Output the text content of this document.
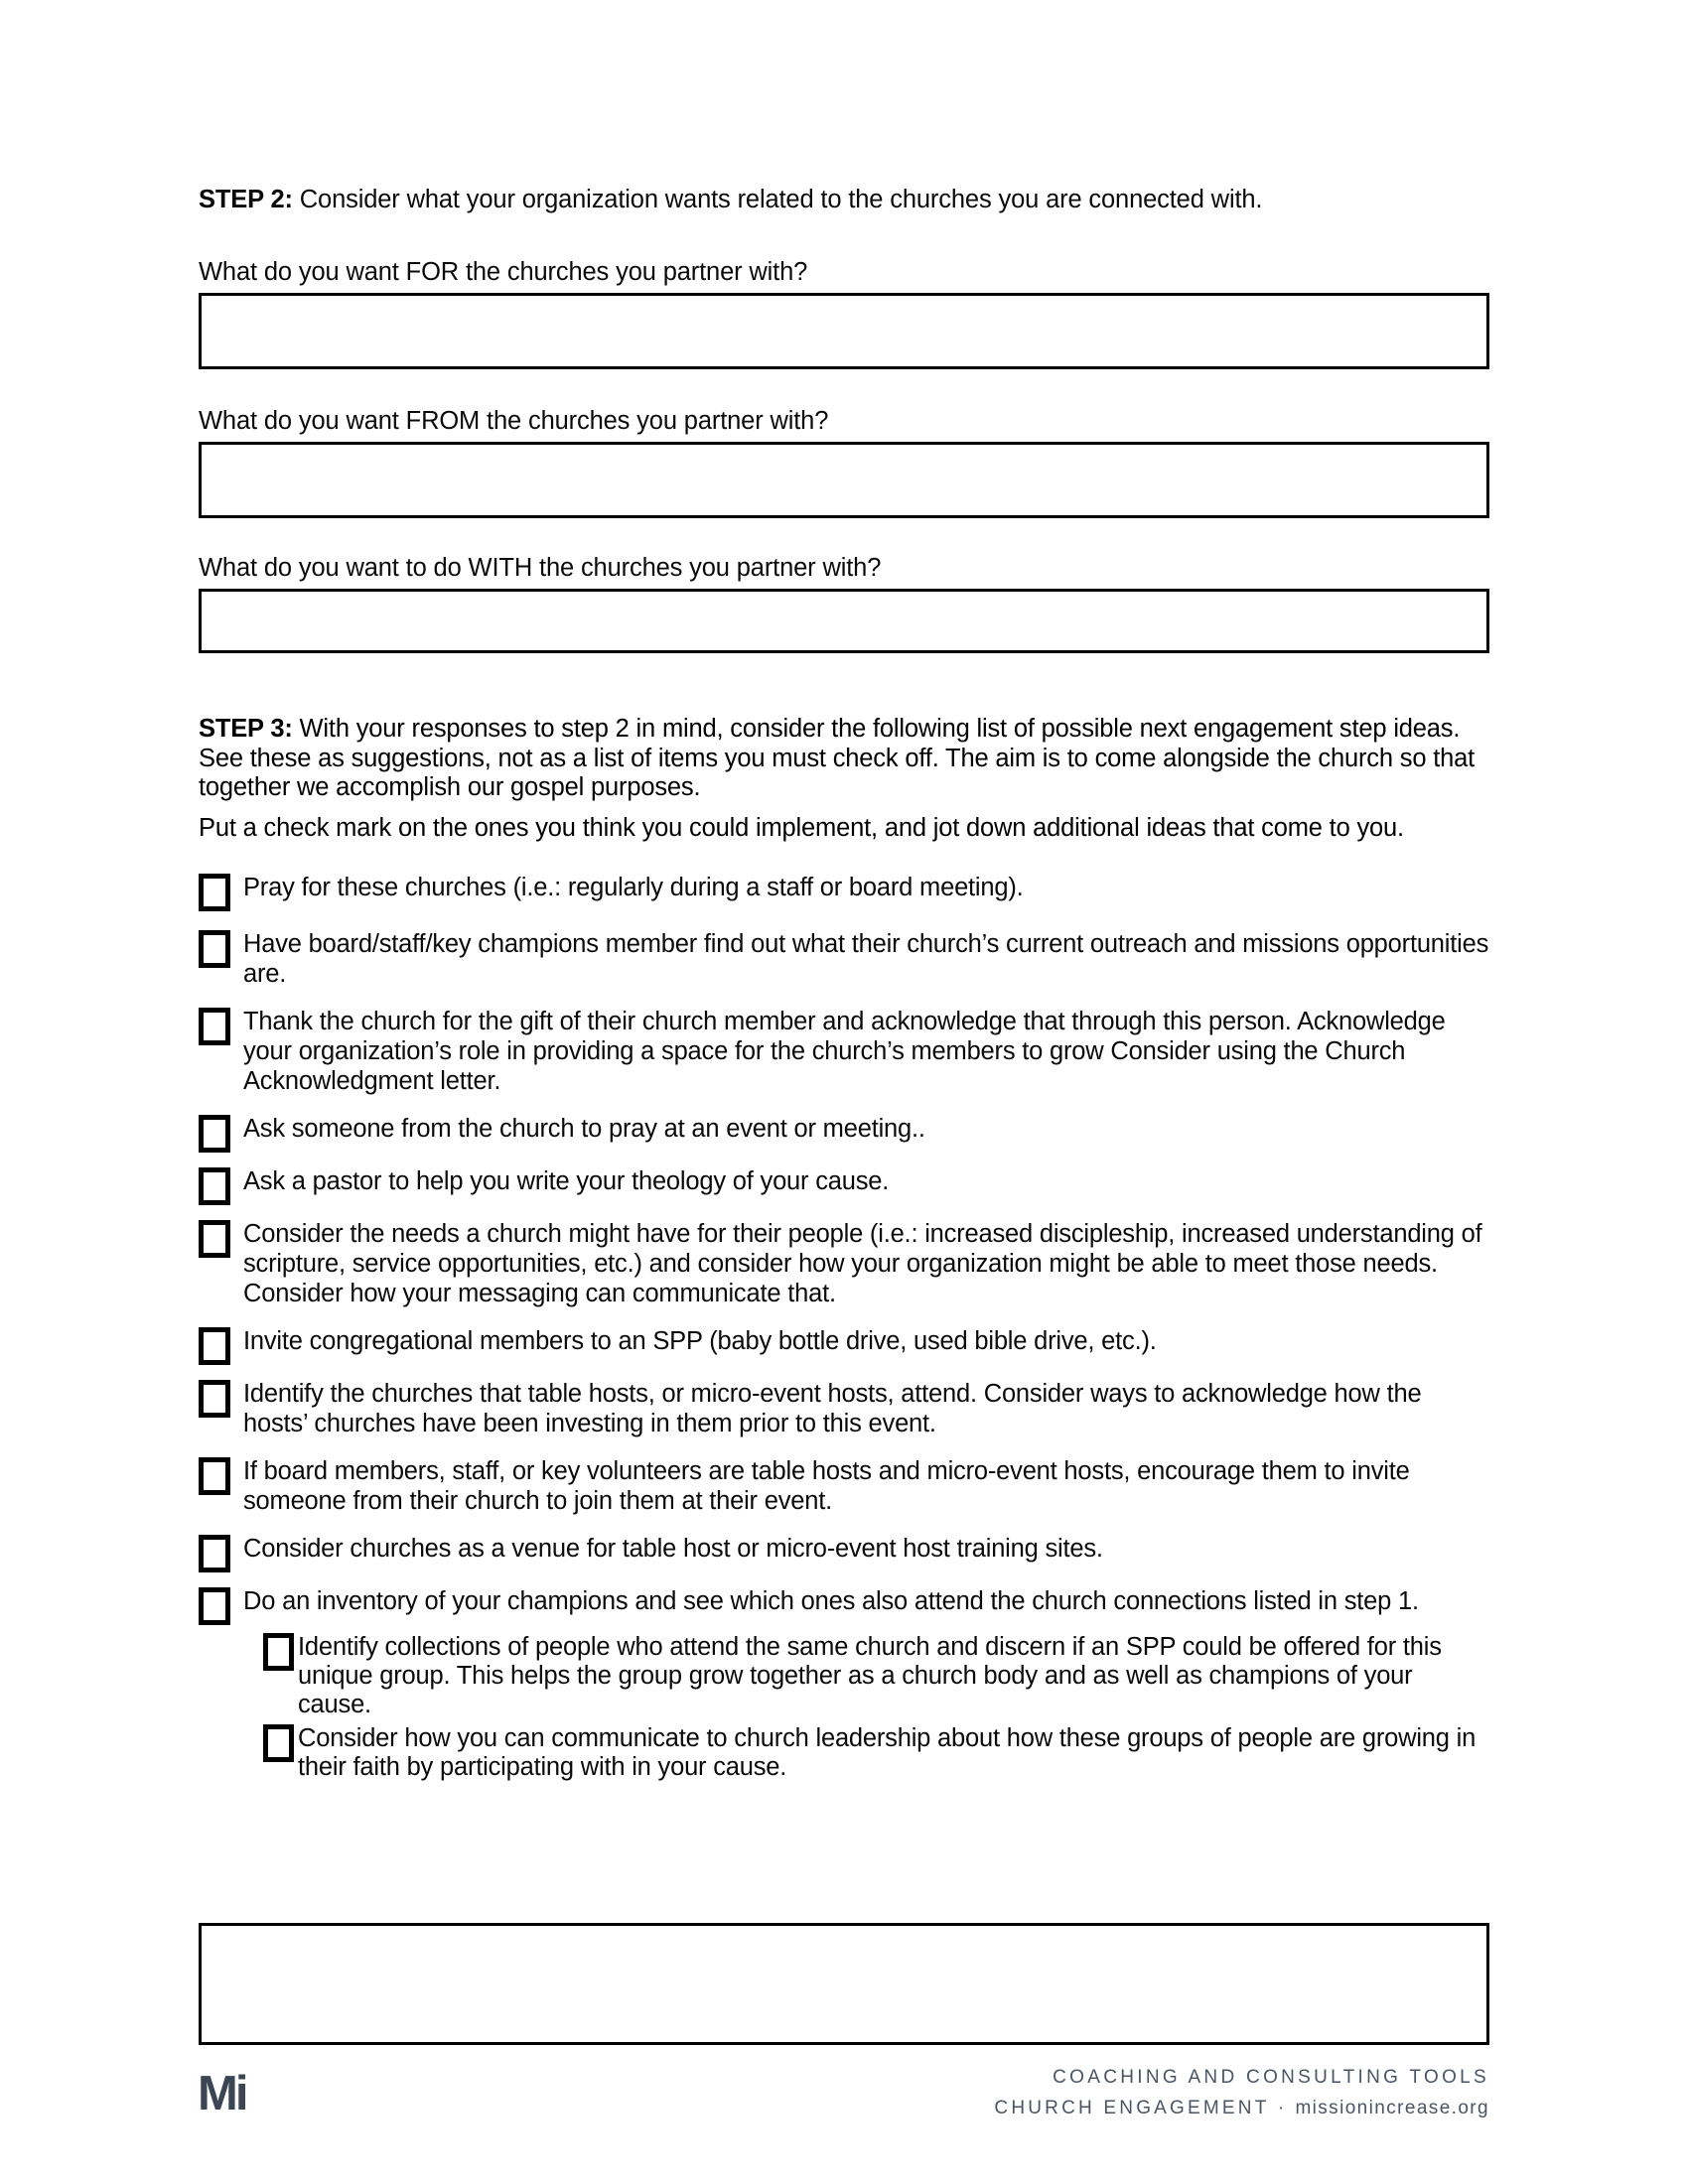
STEP 2: Consider what your organization wants related to the churches you are connected with.

What do you want FOR the churches you partner with?

What do you want FROM the churches you partner with?

What do you want to do WITH the churches you partner with?

STEP 3: With your responses to step 2 in mind, consider the following list of possible next engagement step ideas. See these as suggestions, not as a list of items you must check off. The aim is to come alongside the church so that together we accomplish our gospel purposes.

Put a check mark on the ones you think you could implement, and jot down additional ideas that come to you.

Pray for these churches (i.e.: regularly during a staff or board meeting).
Have board/staff/key champions member find out what their church’s current outreach and missions opportunities are.
Thank the church for the gift of their church member and acknowledge that through this person. Acknowledge your organization’s role in providing a space for the church’s members to grow Consider using the Church Acknowledgment letter.
Ask someone from the church to pray at an event or meeting..
Ask a pastor to help you write your theology of your cause.
Consider the needs a church might have for their people (i.e.: increased discipleship, increased understanding of scripture, service opportunities, etc.) and consider how your organization might be able to meet those needs. Consider how your messaging can communicate that.
Invite congregational members to an SPP (baby bottle drive, used bible drive, etc.).
Identify the churches that table hosts, or micro-event hosts, attend. Consider ways to acknowledge how the hosts’ churches have been investing in them prior to this event.
If board members, staff, or key volunteers are table hosts and micro-event hosts, encourage them to invite someone from their church to join them at their event.
Consider churches as a venue for table host or micro-event host training sites.
Do an inventory of your champions and see which ones also attend the church connections listed in step 1.
Identify collections of people who attend the same church and discern if an SPP could be offered for this unique group. This helps the group grow together as a church body and as well as champions of your cause.
Consider how you can communicate to church leadership about how these groups of people are growing in their faith by participating with in your cause.
Mi	COACHING AND CONSULTING TOOLS
CHURCH ENGAGEMENT · missionincrease.org
